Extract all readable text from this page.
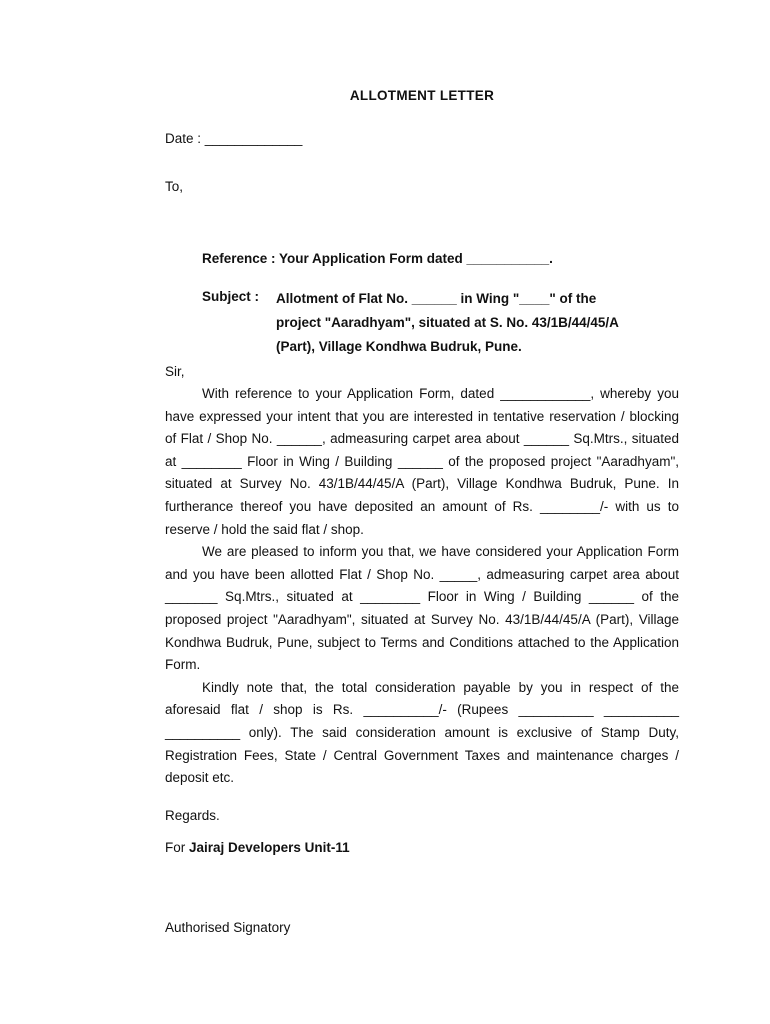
ALLOTMENT LETTER
Date : _____________
To,
Reference : Your Application Form dated ___________.
Subject :	Allotment of Flat No. ______ in Wing "____" of the
project "Aaradhyam", situated at S. No. 43/1B/44/45/A
(Part), Village Kondhwa Budruk, Pune.
Sir,

With reference to your Application Form, dated ____________, whereby you have expressed your intent that you are interested in tentative reservation / blocking of Flat / Shop No. ______, admeasuring carpet area about ______ Sq.Mtrs., situated at ________ Floor in Wing / Building ______ of the proposed project "Aaradhyam", situated at Survey No. 43/1B/44/45/A (Part), Village Kondhwa Budruk, Pune. In furtherance thereof you have deposited an amount of Rs. ________/- with us to reserve / hold the said flat / shop.

We are pleased to inform you that, we have considered your Application Form and you have been allotted Flat / Shop No. _____, admeasuring carpet area about _______ Sq.Mtrs., situated at ________ Floor in Wing / Building ______ of the proposed project "Aaradhyam", situated at Survey No. 43/1B/44/45/A (Part), Village Kondhwa Budruk, Pune, subject to Terms and Conditions attached to the Application Form.

Kindly note that, the total consideration payable by you in respect of the aforesaid flat / shop is Rs. __________/- (Rupees __________ __________ __________ only). The said consideration amount is exclusive of Stamp Duty, Registration Fees, State / Central Government Taxes and maintenance charges / deposit etc.

Regards.
For Jairaj Developers Unit-11
Authorised Signatory
